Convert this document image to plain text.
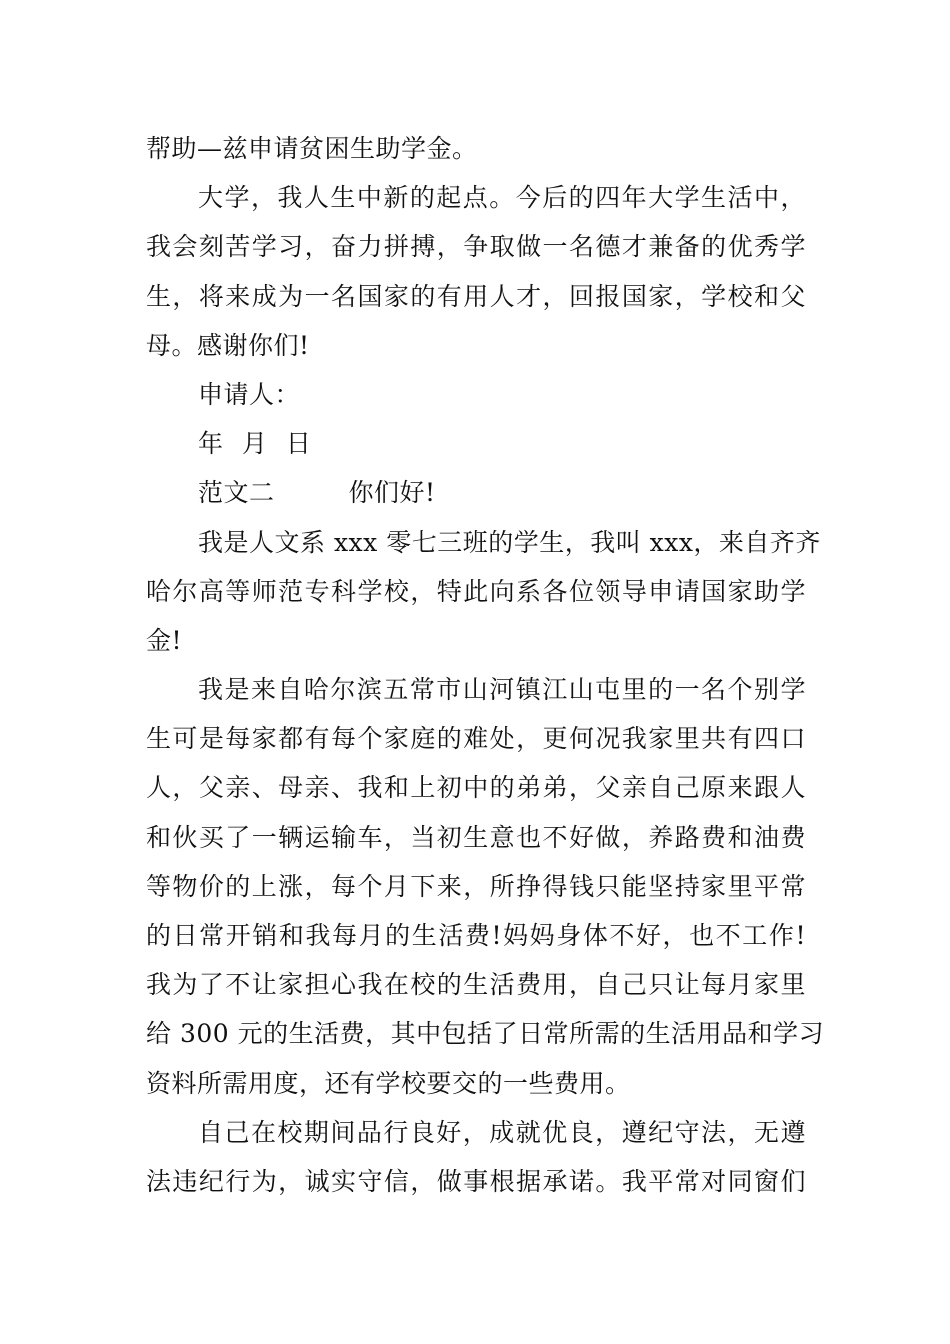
帮助—兹申请贫困生助学金。
大学，我人生中新的起点。今后的四年大学生活中，
我会刻苦学习，奋力拼搏，争取做一名德才兼备的优秀学
生，将来成为一名国家的有用人才，回报国家，学校和父
母。感谢你们!
申请人：
年 月 日
范文二	你们好!
我是人文系 xxx 零七三班的学生，我叫 xxx，来自齐齐
哈尔高等师范专科学校，特此向系各位领导申请国家助学
金!
我是来自哈尔滨五常市山河镇江山屯里的一名个别学
生可是每家都有每个家庭的难处，更何况我家里共有四口
人，父亲、母亲、我和上初中的弟弟，父亲自己原来跟人
和伙买了一辆运输车，当初生意也不好做，养路费和油费
等物价的上涨，每个月下来，所挣得钱只能坚持家里平常
的日常开销和我每月的生活费!妈妈身体不好，也不工作!
我为了不让家担心我在校的生活费用，自己只让每月家里
给 300 元的生活费，其中包括了日常所需的生活用品和学习
资料所需用度，还有学校要交的一些费用。
自己在校期间品行良好，成就优良，遵纪守法，无遵
法违纪行为，诚实守信，做事根据承诺。我平常对同窗们
